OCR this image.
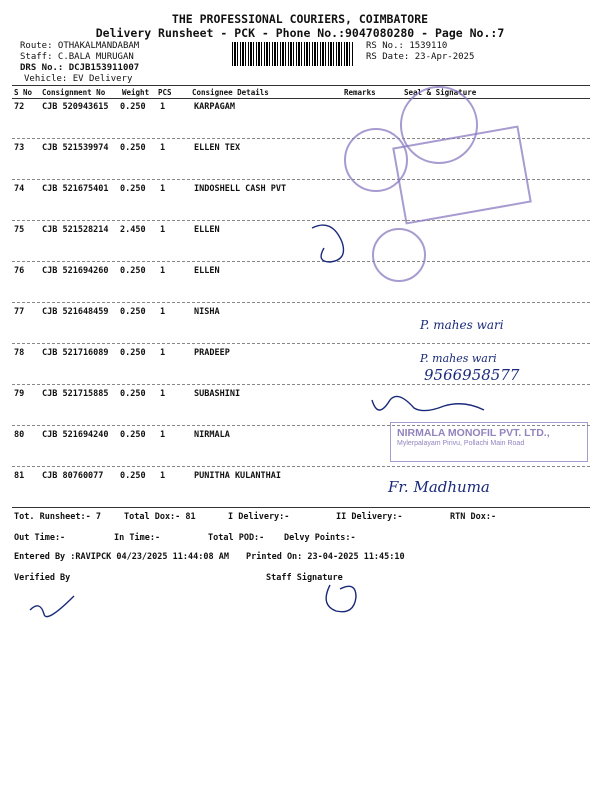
THE PROFESSIONAL COURIERS, COIMBATORE
Delivery Runsheet - PCK - Phone No.:9047080280 - Page No.:7
Route: OTHAKALMANDABAM
Staff: C.BALA MURUGAN
DRS No.: DCJB153911007
Vehicle: EV Delivery
RS No.: 1539110
RS Date: 23-Apr-2025
S No Consignment No Weight PCS	Consignee Details	Remarks	Seal & Signature
72 CJB 520943615 0.250 1	KARPAGAM
73 CJB 521539974 0.250 1	ELLEN TEX
74 CJB 521675401 0.250 1	INDOSHELL CASH PVT
75 CJB 521528214 2.450 1	ELLEN
76 CJB 521694260 0.250 1	ELLEN
77 CJB 521648459 0.250 1	NISHA
78 CJB 521716089 0.250 1	PRADEEP
79 CJB 521715885 0.250 1	SUBASHINI
80 CJB 521694240 0.250 1	NIRMALA
81 CJB 80760077 0.250 1	PUNITHA KULANTHAI
P. mahes wari
P. mahes wari
9566958577
NIRMALA MONOFIL PVT. LTD.,
Mylerpalayam Pirivu, Pollachi Main Road
Fr. Madhuma
Tot. Runsheet:- 7	Total Dox:- 81	I Delivery:-	II Delivery:-	RTN Dox:-
Out Time:-	In Time:-	Total POD:- Delvy Points:-
Entered By :RAVIPCK 04/23/2025 11:44:08 AM Printed On: 23-04-2025 11:45:10
Verified By	Staff Signature
